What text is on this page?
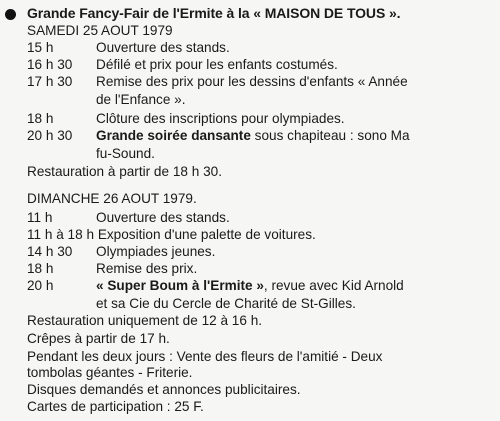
Grande Fancy-Fair de l'Ermite à la « MAISON DE TOUS ».
SAMEDI 25 AOUT 1979
15 h	Ouverture des stands.
16 h 30 Défilé et prix pour les enfants costumés.
17 h 30 Remise des prix pour les dessins d'enfants « Année
de l'Enfance ».
18 h	Clôture des inscriptions pour olympiades.
20 h 30 Grande soirée dansante sous chapiteau : sono Ma
fu-Sound.
Restauration à partir de 18 h 30.
DIMANCHE 26 AOUT 1979.
11 h	Ouverture des stands.
11 h à 18 h Exposition d'une palette de voitures.
14 h 30 Olympiades jeunes.
18 h	Remise des prix.
20 h	« Super Boum à l'Ermite », revue avec Kid Arnold
et sa Cie du Cercle de Charité de St-Gilles.
Restauration uniquement de 12 à 16 h.
Crêpes à partir de 17 h.
Pendant les deux jours : Vente des fleurs de l'amitié - Deux
tombolas géantes - Friterie.
Disques demandés et annonces publicitaires.
Cartes de participation : 25 F.
